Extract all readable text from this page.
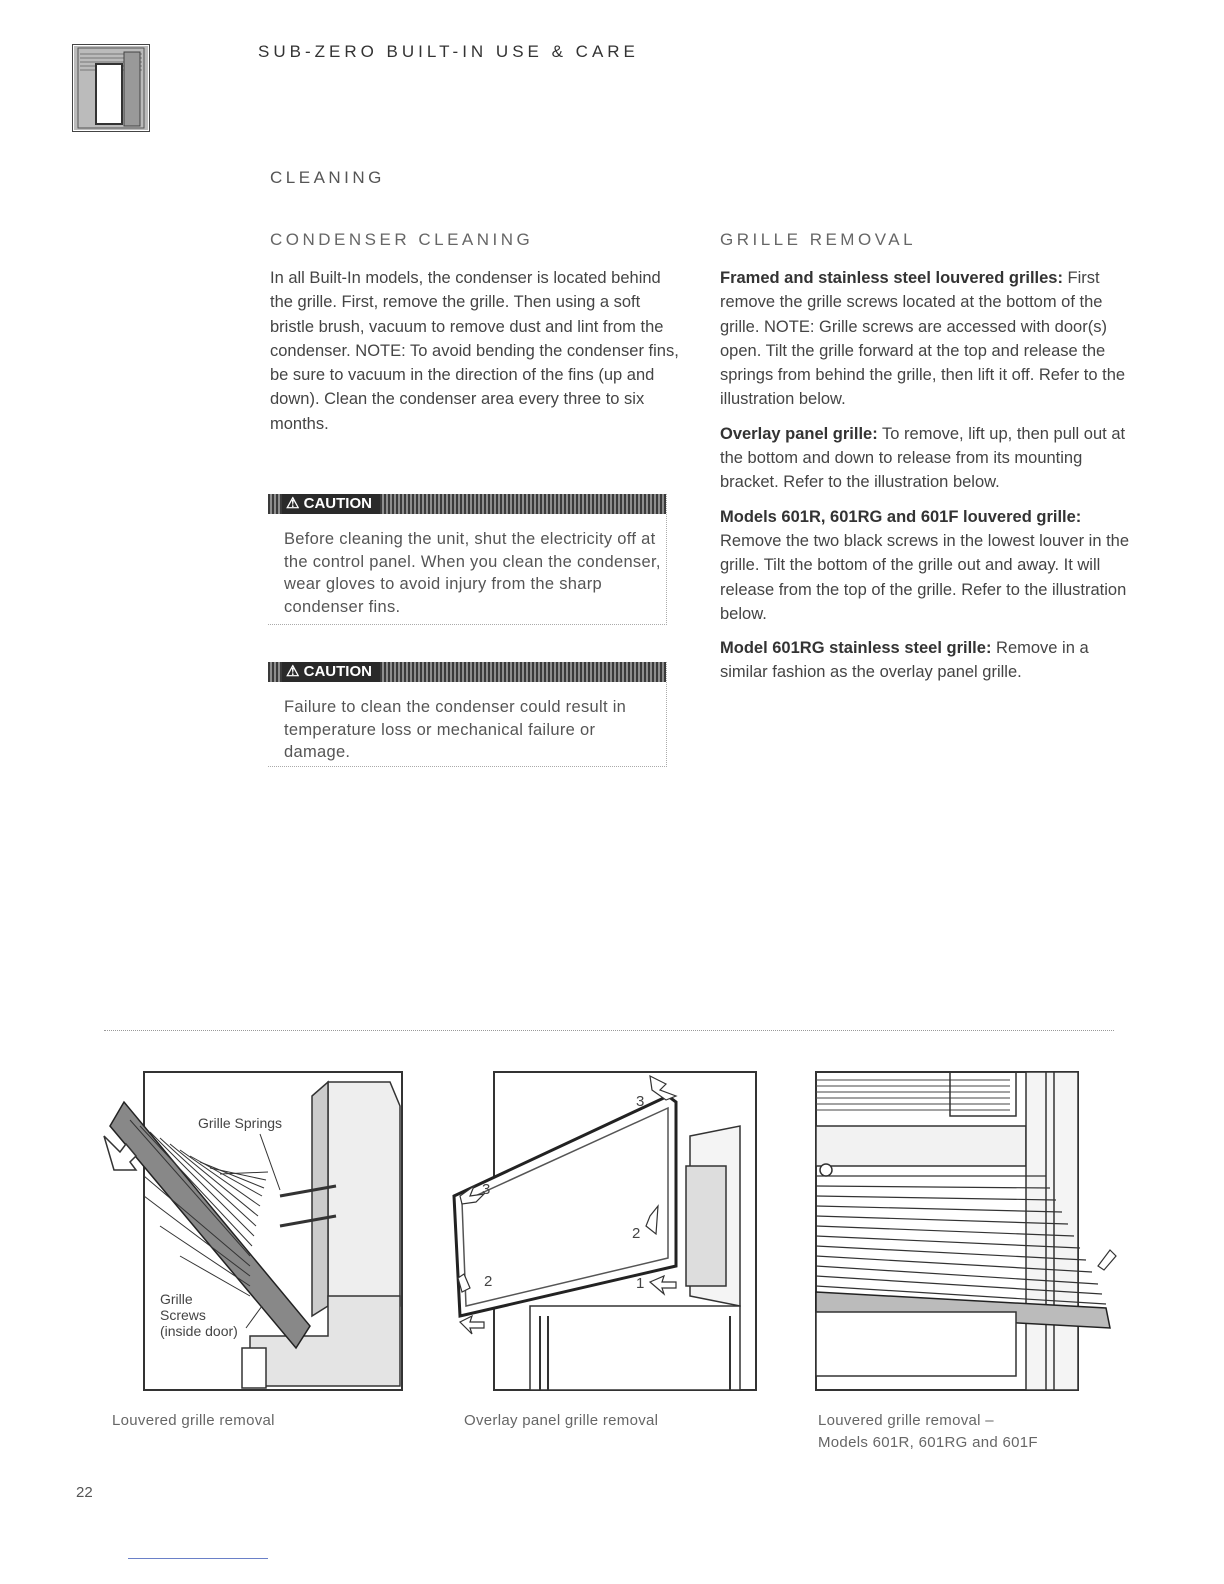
SUB-ZERO BUILT-IN USE & CARE
CLEANING
CONDENSER CLEANING

In all Built-In models, the condenser is located behind the grille. First, remove the grille. Then using a soft bristle brush, vacuum to remove dust and lint from the condenser. NOTE: To avoid bending the condenser fins, be sure to vacuum in the direction of the fins (up and down). Clean the condenser area every three to six months.

⚠ CAUTION
Before cleaning the unit, shut the electricity off at the control panel. When you clean the condenser, wear gloves to avoid injury from the sharp condenser fins.
⚠ CAUTION
Failure to clean the condenser could result in temperature loss or mechanical failure or damage.
GRILLE REMOVAL

Framed and stainless steel louvered grilles: First remove the grille screws located at the bottom of the grille. NOTE: Grille screws are accessed with door(s) open. Tilt the grille forward at the top and release the springs from behind the grille, then lift it off. Refer to the illustration below.

Overlay panel grille: To remove, lift up, then pull out at the bottom and down to release from its mounting bracket. Refer to the illustration below.

Models 601R, 601RG and 601F louvered grille: Remove the two black screws in the lowest louver in the grille. Tilt the bottom of the grille out and away. It will release from the top of the grille. Refer to the illustration below.

Model 601RG stainless steel grille: Remove in a similar fashion as the overlay panel grille.

Grille Springs
Grille
Screws
(inside door)
3
3
2
2	1
Louvered grille removal	Overlay panel grille removal	Louvered grille removal –
Models 601R, 601RG and 601F
22
